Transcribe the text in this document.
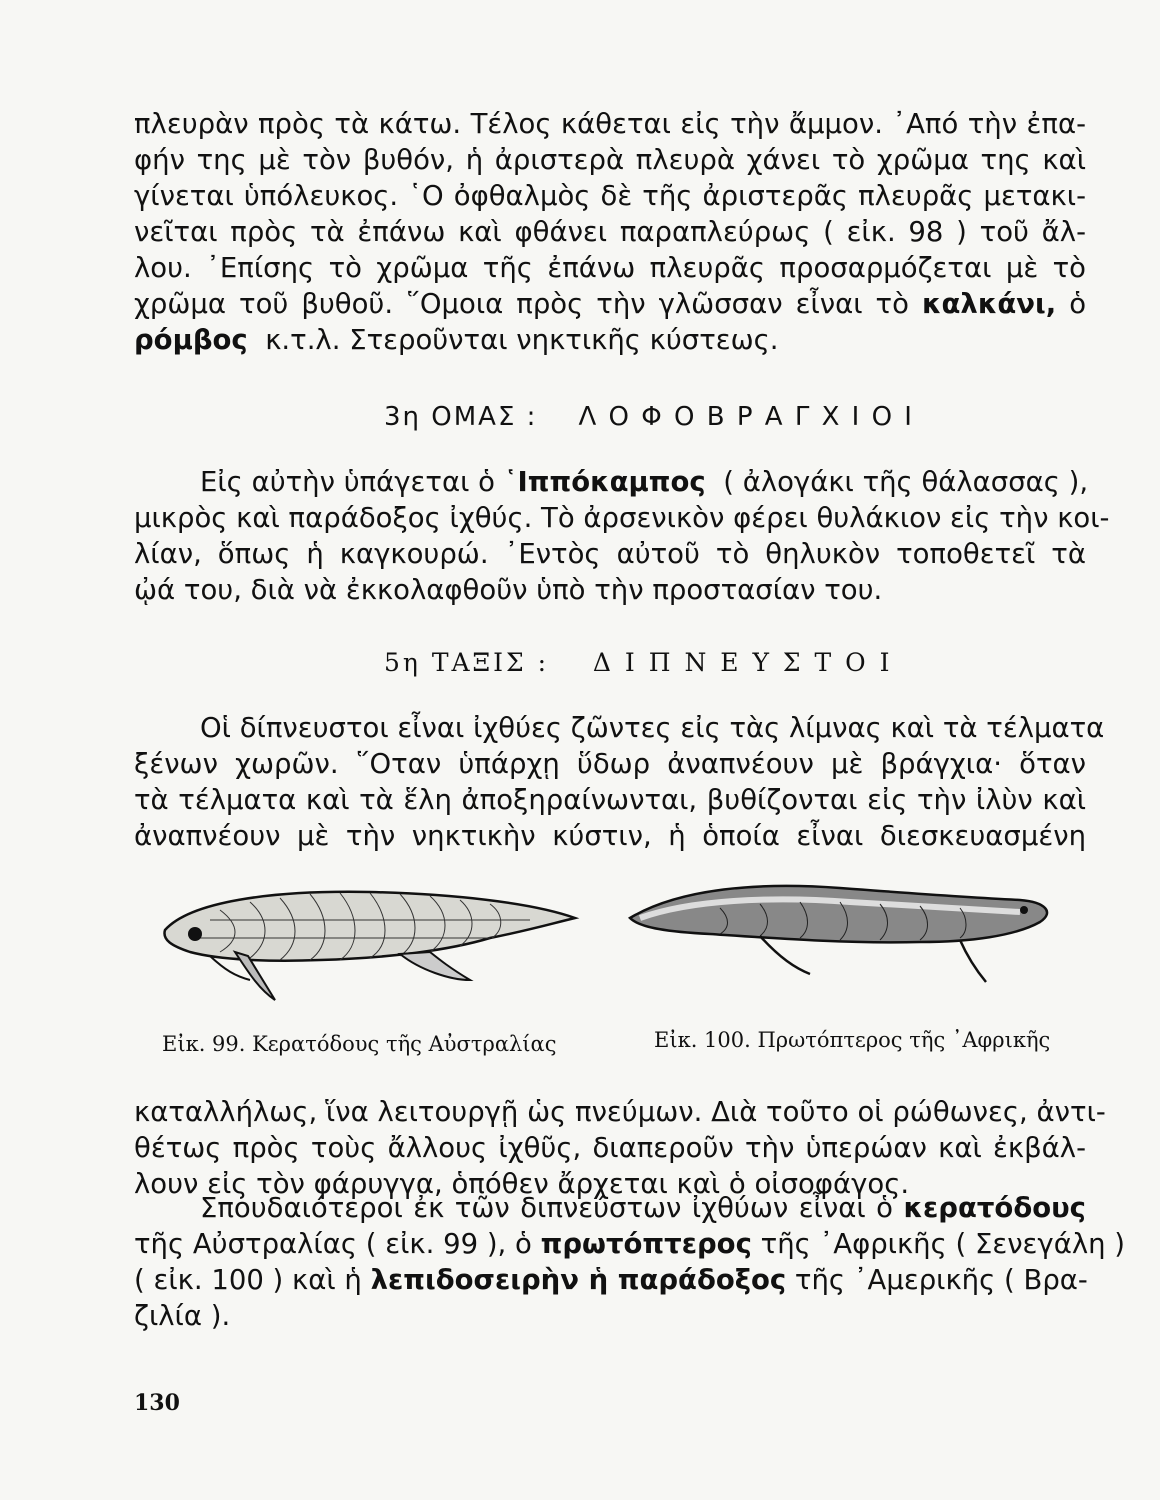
πλευρὰν πρὸς τὰ κάτω. Τέλος κάθεται εἰς τὴν ἄμμον. ᾿Από τὴν ἐπα-
φήν της μὲ τὸν βυθόν, ἡ ἀριστερὰ πλευρὰ χάνει τὸ χρῶμα της καὶ
γίνεται ὑπόλευκος. ῾Ο ὀφθαλμὸς δὲ τῆς ἀριστερᾶς πλευρᾶς μετακι-
νεῖται πρὸς τὰ ἐπάνω καὶ φθάνει παραπλεύρως ( εἰκ. 98 ) τοῦ ἄλ-
λου. ᾿Επίσης τὸ χρῶμα τῆς ἐπάνω πλευρᾶς προσαρμόζεται μὲ τὸ
χρῶμα τοῦ βυθοῦ. ῞Ομοια πρὸς τὴν γλῶσσαν εἶναι τὸ καλκάνι, ὁ
ρόμβος κ.τ.λ. Στεροῦνται νηκτικῆς κύστεως.
3η ΟΜΑΣ : Λ Ο Φ Ο Β Ρ Α Γ Χ Ι Ο Ι
Εἰς αὐτὴν ὑπάγεται ὁ ῾Ιππόκαμπος ( ἀλογάκι τῆς θάλασσας ),
μικρὸς καὶ παράδοξος ἰχθύς. Τὸ ἀρσενικὸν φέρει θυλάκιον εἰς τὴν κοι-
λίαν, ὅπως ἡ καγκουρώ. ᾿Εντὸς αὐτοῦ τὸ θηλυκὸν τοποθετεῖ τὰ
ᾠά του, διὰ νὰ ἐκκολαφθοῦν ὑπὸ τὴν προστασίαν του.
5η ΤΑΞΙΣ : Δ Ι Π Ν Ε Υ Σ Τ Ο Ι
Οἱ δίπνευστοι εἶναι ἰχθύες ζῶντες εἰς τὰς λίμνας καὶ τὰ τέλματα
ξένων χωρῶν. ῞Οταν ὑπάρχῃ ὕδωρ ἀναπνέουν μὲ βράγχια· ὅταν
τὰ τέλματα καὶ τὰ ἕλη ἀποξηραίνωνται, βυθίζονται εἰς τὴν ἰλὺν καὶ
ἀναπνέουν μὲ τὴν νηκτικὴν κύστιν, ἡ ὁποία εἶναι διεσκευασμένη
Εἰκ. 99. Κερατόδους τῆς Αὐστραλίας	Εἰκ. 100. Πρωτόπτερος τῆς ᾿Αφρικῆς
καταλλήλως, ἵνα λειτουργῇ ὡς πνεύμων. Διὰ τοῦτο οἱ ρώθωνες, ἀντι-
θέτως πρὸς τοὺς ἄλλους ἰχθῦς, διαπεροῦν τὴν ὑπερώαν καὶ ἐκβάλ-
λουν εἰς τὸν φάρυγγα, ὁπόθεν ἄρχεται καὶ ὁ οἰσοφάγος.
Σπουδαιότεροι ἐκ τῶν διπνεύστων ἰχθύων εἶναι ὁ κερατόδους
τῆς Αὐστραλίας ( εἰκ. 99 ), ὁ πρωτόπτερος τῆς ᾿Αφρικῆς ( Σενεγάλη )
( εἰκ. 100 ) καὶ ἡ λεπιδοσειρὴν ἡ παράδοξος τῆς ᾿Αμερικῆς ( Βρα-
ζιλία ).
130
